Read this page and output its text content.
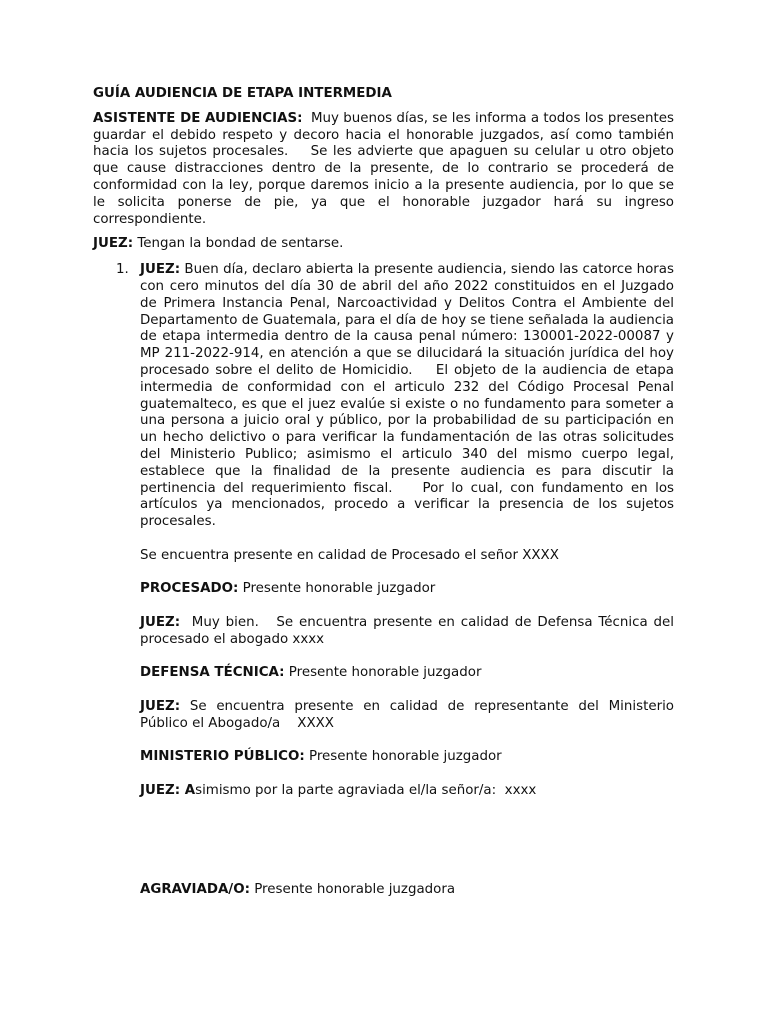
GUÍA AUDIENCIA DE ETAPA INTERMEDIA

ASISTENTE DE AUDIENCIAS:  Muy buenos días, se les informa a todos los presentes guardar el debido respeto y decoro hacia el honorable juzgados, así como también hacia los sujetos procesales.    Se les advierte que apaguen su celular u otro objeto que cause distracciones dentro de la presente, de lo contrario se procederá de conformidad con la ley, porque daremos inicio a la presente audiencia, por lo que se le solicita ponerse de pie, ya que el honorable juzgador hará su ingreso correspondiente.

JUEZ: Tengan la bondad de sentarse.

1. JUEZ: Buen día, declaro abierta la presente audiencia, siendo las catorce horas con cero minutos del día 30 de abril del año 2022 constituidos en el Juzgado de Primera Instancia Penal, Narcoactividad y Delitos Contra el Ambiente del Departamento de Guatemala, para el día de hoy se tiene señalada la audiencia de etapa intermedia dentro de la causa penal número: 130001-2022-00087 y MP 211-2022-914, en atención a que se dilucidará la situación jurídica del hoy procesado sobre el delito de Homicidio.    El objeto de la audiencia de etapa intermedia de conformidad con el articulo 232 del Código Procesal Penal guatemalteco, es que el juez evalúe si existe o no fundamento para someter a una persona a juicio oral y público, por la probabilidad de su participación en un hecho delictivo o para verificar la fundamentación de las otras solicitudes del Ministerio Publico; asimismo el articulo 340 del mismo cuerpo legal, establece que la finalidad de la presente audiencia es para discutir la pertinencia del requerimiento fiscal.    Por lo cual, con fundamento en los artículos ya mencionados, procedo a verificar la presencia de los sujetos procesales.

Se encuentra presente en calidad de Procesado el señor XXXX

PROCESADO: Presente honorable juzgador

JUEZ:  Muy bien.   Se encuentra presente en calidad de Defensa Técnica del procesado el abogado xxxx

DEFENSA TÉCNICA: Presente honorable juzgador

JUEZ: Se encuentra presente en calidad de representante del Ministerio Público el Abogado/a    XXXX

MINISTERIO PÚBLICO: Presente honorable juzgador

JUEZ: Asimismo por la parte agraviada el/la señor/a:  xxxx

AGRAVIADA/O: Presente honorable juzgadora
